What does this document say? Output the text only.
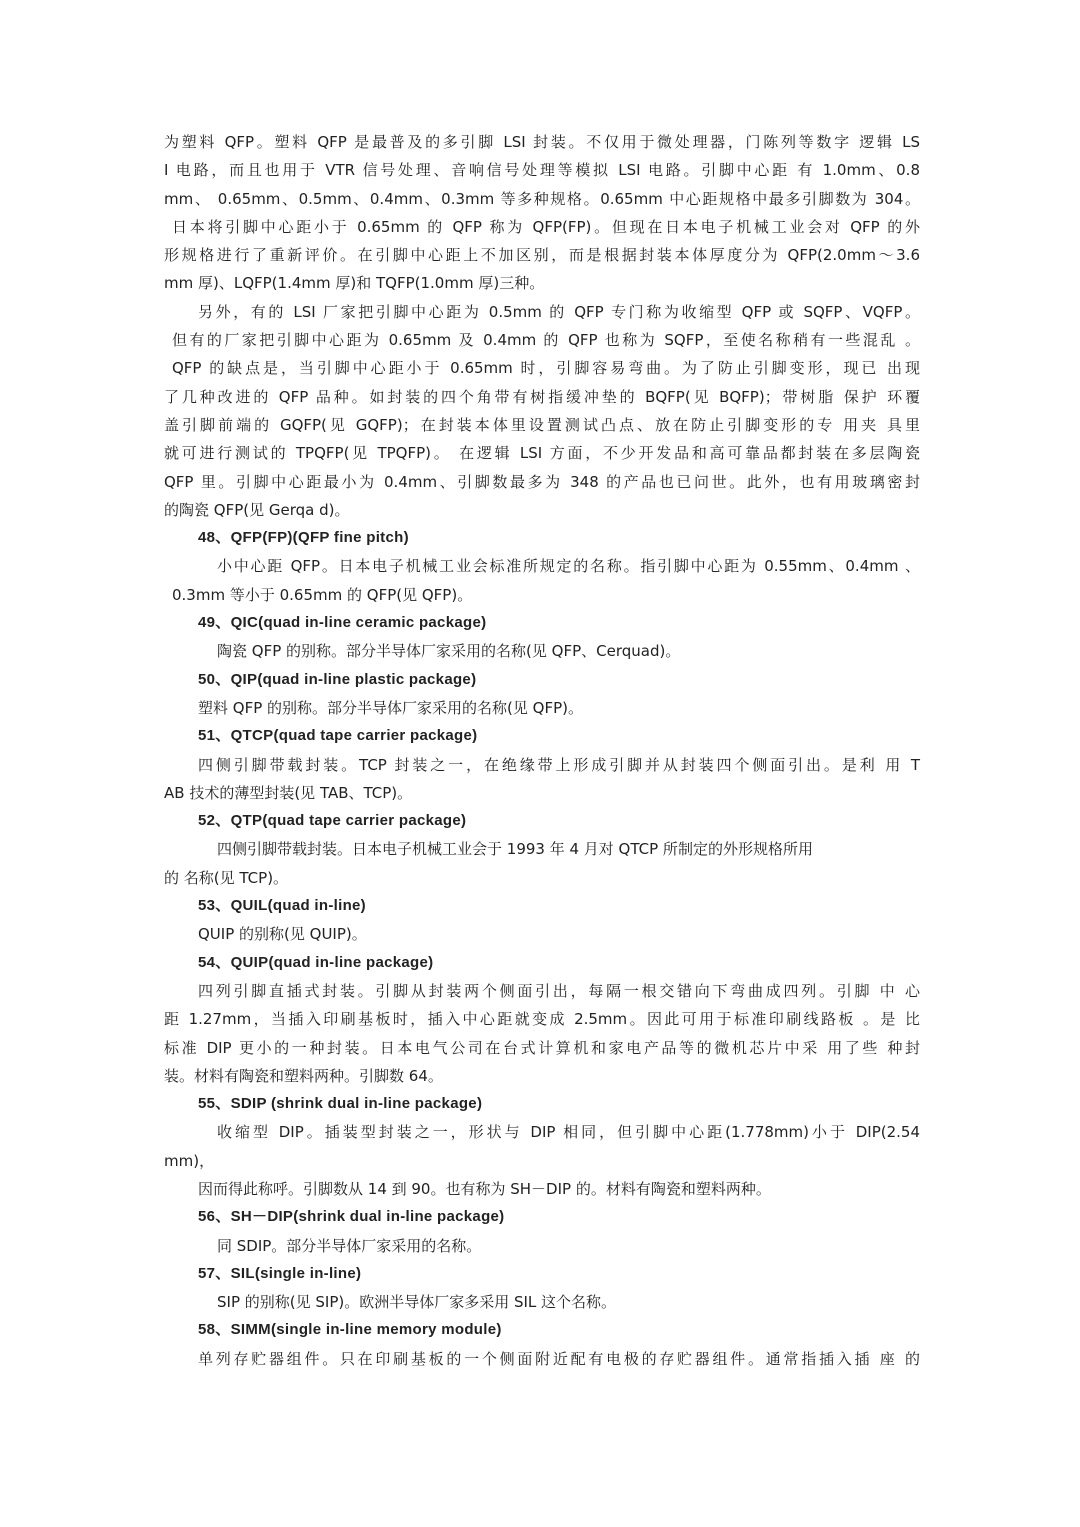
为塑料 QFP。塑料 QFP 是最普及的多引脚 LSI 封装。不仅用于微处理器，门陈列等数字 逻辑 LS
I 电路，而且也用于 VTR 信号处理、音响信号处理等模拟 LSI 电路。引脚中心距 有 1.0mm、0.8
mm、 0.65mm、0.5mm、0.4mm、0.3mm 等多种规格。0.65mm 中心距规格中最多引脚数为 304。
日本将引脚中心距小于 0.65mm 的 QFP 称为 QFP(FP)。但现在日本电子机械工业会对 QFP 的外
形规格进行了重新评价。在引脚中心距上不加区别，而是根据封装本体厚度分为 QFP(2.0mm～3.6
mm 厚)、LQFP(1.4mm 厚)和 TQFP(1.0mm 厚)三种。
另外，有的 LSI 厂家把引脚中心距为 0.5mm 的 QFP 专门称为收缩型 QFP 或 SQFP、VQFP。
但有的厂家把引脚中心距为 0.65mm 及 0.4mm 的 QFP 也称为 SQFP，至使名称稍有一些混乱 。
QFP 的缺点是，当引脚中心距小于 0.65mm 时，引脚容易弯曲。为了防止引脚变形，现已 出现
了几种改进的 QFP 品种。如封装的四个角带有树指缓冲垫的 BQFP(见 BQFP)；带树脂 保护 环覆
盖引脚前端的 GQFP(见 GQFP)；在封装本体里设置测试凸点、放在防止引脚变形的专 用夹 具里
就可进行测试的 TPQFP(见 TPQFP)。 在逻辑 LSI 方面，不少开发品和高可靠品都封装在多层陶瓷
QFP 里。引脚中心距最小为 0.4mm、引脚数最多为 348 的产品也已问世。此外，也有用玻璃密封
的陶瓷 QFP(见 Gerqa d)。
48、QFP(FP)(QFP fine pitch)
小中心距 QFP。日本电子机械工业会标准所规定的名称。指引脚中心距为 0.55mm、0.4mm 、
0.3mm 等小于 0.65mm 的 QFP(见 QFP)。
49、QIC(quad in-line ceramic package)
陶瓷 QFP 的别称。部分半导体厂家采用的名称(见 QFP、Cerquad)。
50、QIP(quad in-line plastic package)
塑料 QFP 的别称。部分半导体厂家采用的名称(见 QFP)。
51、QTCP(quad tape carrier package)
四侧引脚带载封装。TCP 封装之一，在绝缘带上形成引脚并从封装四个侧面引出。是利 用 T
AB 技术的薄型封装(见 TAB、TCP)。
52、QTP(quad tape carrier package)
四侧引脚带载封装。日本电子机械工业会于 1993 年 4 月对 QTCP 所制定的外形规格所用
的 名称(见 TCP)。
53、QUIL(quad in-line)
QUIP 的别称(见 QUIP)。
54、QUIP(quad in-line package)
四列引脚直插式封装。引脚从封装两个侧面引出，每隔一根交错向下弯曲成四列。引脚 中 心
距 1.27mm，当插入印刷基板时，插入中心距就变成 2.5mm。因此可用于标准印刷线路板 。是 比
标准 DIP 更小的一种封装。日本电气公司在台式计算机和家电产品等的微机芯片中采 用了些 种封
装。材料有陶瓷和塑料两种。引脚数 64。
55、SDIP (shrink dual in-line package)
收缩型 DIP。插装型封装之一，形状与 DIP 相同，但引脚中心距(1.778mm)小于 DIP(2.54
mm)，
因而得此称呼。引脚数从 14 到 90。也有称为 SH－DIP 的。材料有陶瓷和塑料两种。
56、SH－DIP(shrink dual in-line package)
同 SDIP。部分半导体厂家采用的名称。
57、SIL(single in-line)
SIP 的别称(见 SIP)。欧洲半导体厂家多采用 SIL 这个名称。
58、SIMM(single in-line memory module)
单列存贮器组件。只在印刷基板的一个侧面附近配有电极的存贮器组件。通常指插入插 座 的
